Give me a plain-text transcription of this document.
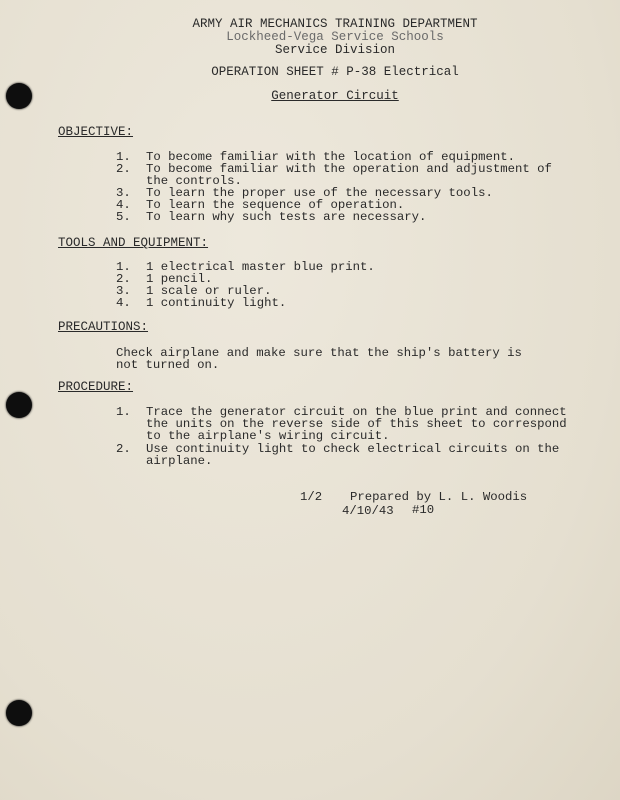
ARMY AIR MECHANICS TRAINING DEPARTMENT
Lockheed-Vega Service Schools
Service Division
OPERATION SHEET # P-38 Electrical
Generator Circuit
OBJECTIVE:
1. To become familiar with the location of equipment.
2. To become familiar with the operation and adjustment of
the controls.
3. To learn the proper use of the necessary tools.
4. To learn the sequence of operation.
5. To learn why such tests are necessary.
TOOLS AND EQUIPMENT:
1. 1 electrical master blue print.
2. 1 pencil.
3. 1 scale or ruler.
4. 1 continuity light.
PRECAUTIONS:
Check airplane and make sure that the ship's battery is
not turned on.
PROCEDURE:
1. Trace the generator circuit on the blue print and connect
the units on the reverse side of this sheet to correspond
to the airplane's wiring circuit.
2. Use continuity light to check electrical circuits on the
airplane.
1/2 Prepared by L. L. Woodis
4/10/43 #10
